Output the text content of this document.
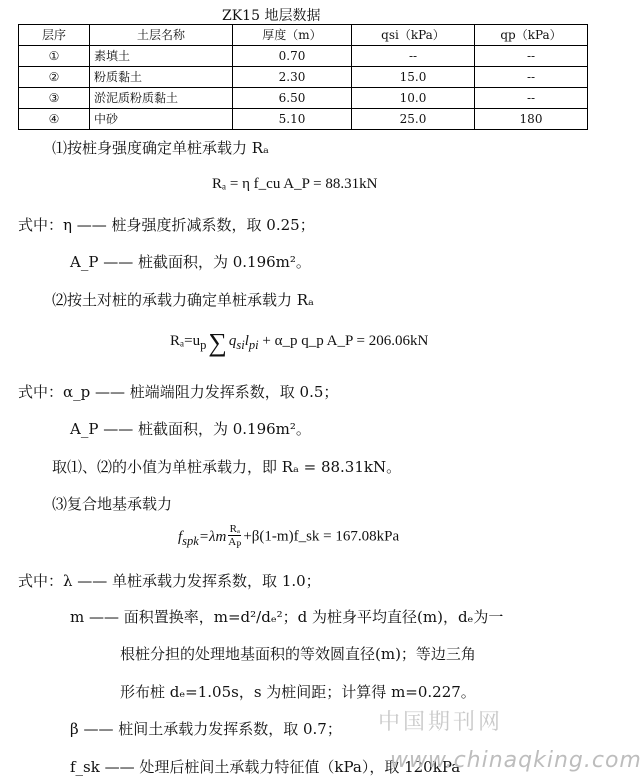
ZK15 地层数据
层序	土层名称	厚度（m）	qsi（kPa）	qp（kPa）
①	素填土	0.70	--	--
②	粉质黏土	2.30	15.0	--
③	淤泥质粉质黏土	6.50	10.0	--
④	中砂	5.10	25.0	180
⑴按桩身强度确定单桩承载力 Rₐ
Rₐ = η f_cu A_P = 88.31kN
式中：η —— 桩身强度折减系数，取 0.25；
A_P —— 桩截面积，为 0.196m²。
⑵按土对桩的承载力确定单桩承载力 Rₐ
$R_a=u_p\sum$ $q_{si}l_{pi}$ + α_p q_p A_P = 206.06kN
式中：α_p —— 桩端端阻力发挥系数，取 0.5；
A_P —— 桩截面积，为 0.196m²。
取⑴、⑵的小值为单桩承载力，即 Rₐ = 88.31kN。
⑶复合地基承载力
$f_{spk}=\lambda m \frac{\text{Rₐ}}{A_P}$ +β(1-m)f_sk = 167.08kPa
式中：λ —— 单桩承载力发挥系数，取 1.0；
m —— 面积置换率，m=d²/dₑ²；d 为桩身平均直径(m)，dₑ为一
根桩分担的处理地基面积的等效圆直径(m)；等边三角
形布桩 dₑ=1.05s，s 为桩间距；计算得 m=0.227。
β —— 桩间土承载力发挥系数，取 0.7；
f_sk —— 处理后桩间土承载力特征值（kPa），取 120kPa
中国期刊网
www.chinaqking.com
